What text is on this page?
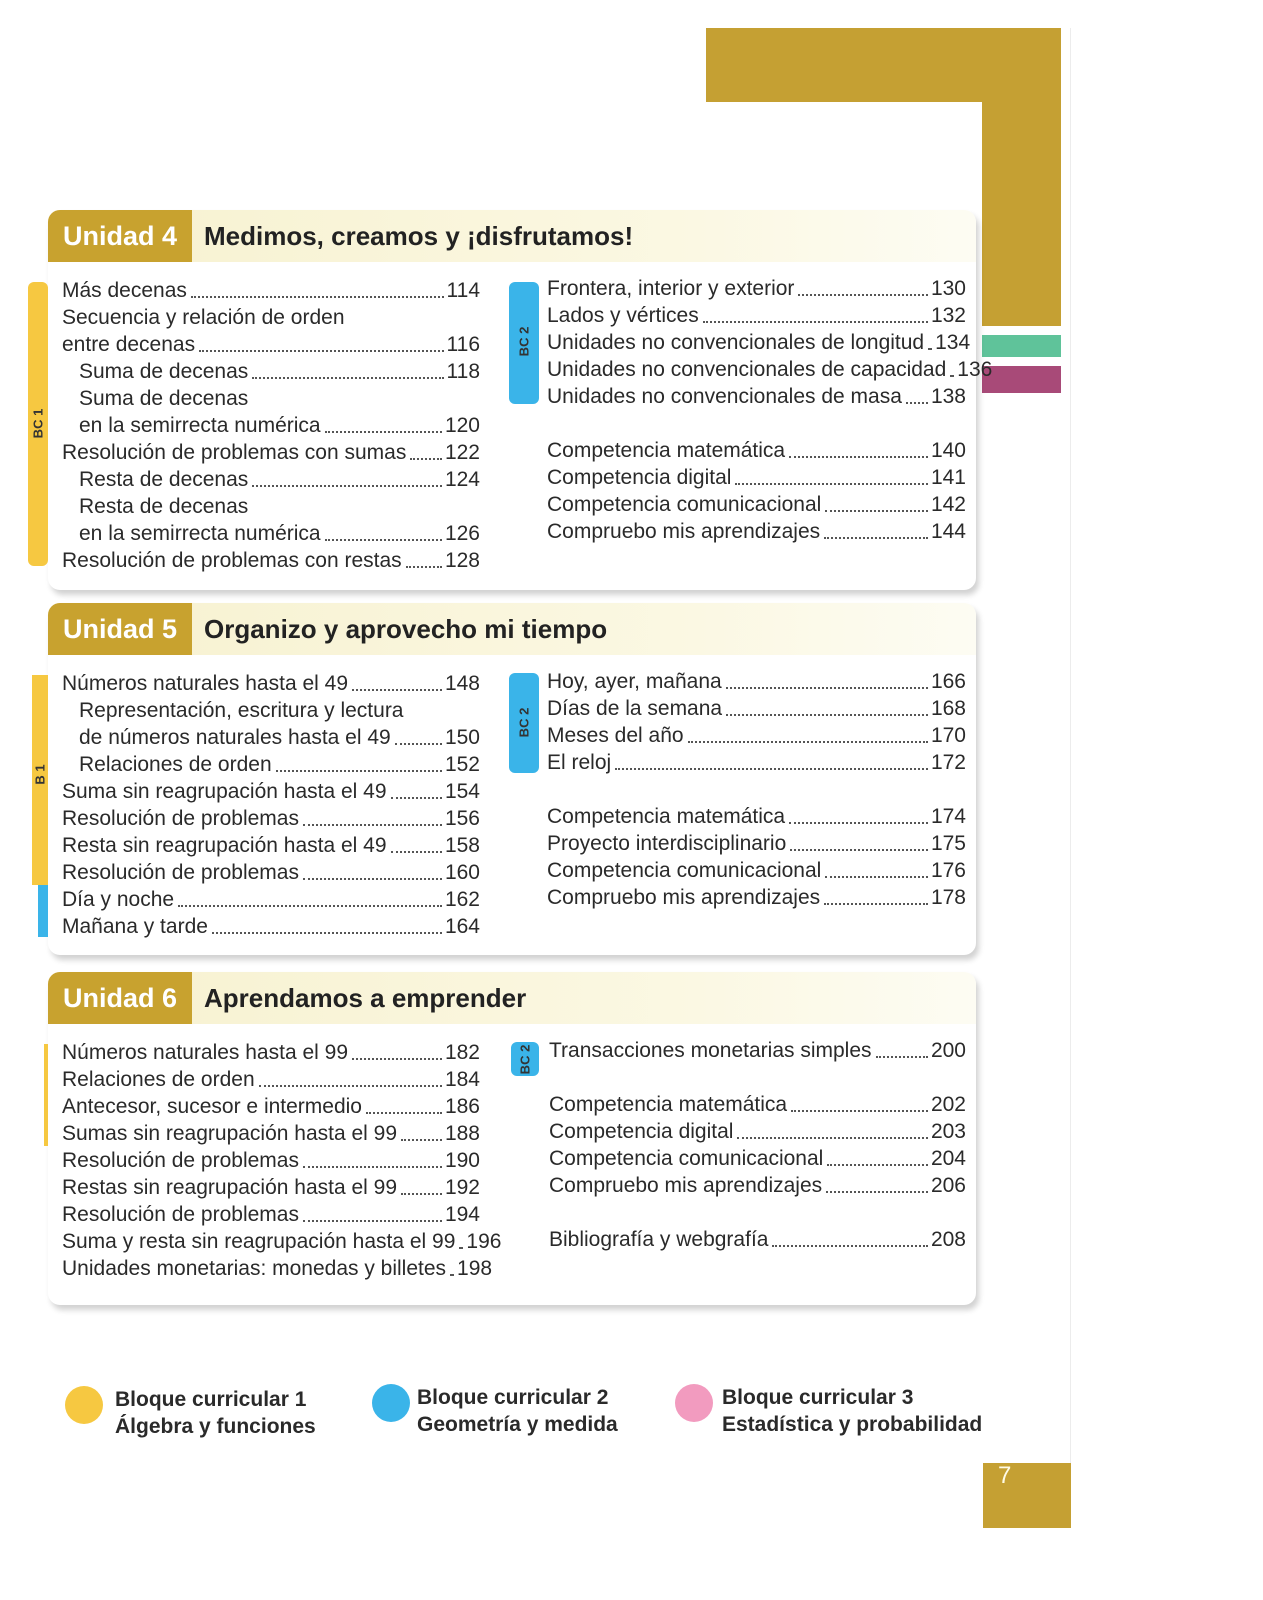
Unidad 4	Medimos, creamos y ¡disfrutamos!
BC 1
BC 2
Más decenas	114
Secuencia y relación de orden
entre decenas	116
Suma de decenas	118
Suma de decenas
en la semirrecta numérica	120
Resolución de problemas con sumas 122
Resta de decenas	124
Resta de decenas
en la semirrecta numérica	126
Resolución de problemas con restas 128
Frontera, interior y exterior	130
Lados y vértices	132
Unidades no convencionales de longitud 134
Unidades no convencionales de capacidad 136
Unidades no convencionales de masa 138
Competencia matemática	140
Competencia digital	141
Competencia comunicacional	142
Compruebo mis aprendizajes	144
Unidad 5	Organizo y aprovecho mi tiempo
B 1
BC 2
Números naturales hasta el 49	148
Representación, escritura y lectura
de números naturales hasta el 49	150
Relaciones de orden	152
Suma sin reagrupación hasta el 49	154
Resolución de problemas	156
Resta sin reagrupación hasta el 49	158
Resolución de problemas	160
Día y noche	162
Mañana y tarde	164
Hoy, ayer, mañana	166
Días de la semana	168
Meses del año	170
El reloj	172
Competencia matemática	174
Proyecto interdisciplinario	175
Competencia comunicacional	176
Compruebo mis aprendizajes	178
Unidad 6	Aprendamos a emprender
BC 2
Números naturales hasta el 99	182
Relaciones de orden	184
Antecesor, sucesor e intermedio	186
Sumas sin reagrupación hasta el 99 188
Resolución de problemas	190
Restas sin reagrupación hasta el 99 192
Resolución de problemas	194
Suma y resta sin reagrupación hasta el 99 196
Unidades monetarias: monedas y billetes 198
Transacciones monetarias simples	200
Competencia matemática	202
Competencia digital	203
Competencia comunicacional	204
Compruebo mis aprendizajes	206
Bibliografía y webgrafía	208
Bloque curricular 1
Álgebra y funciones
Bloque curricular 2
Geometría y medida
Bloque curricular 3
Estadística y probabilidad
7
